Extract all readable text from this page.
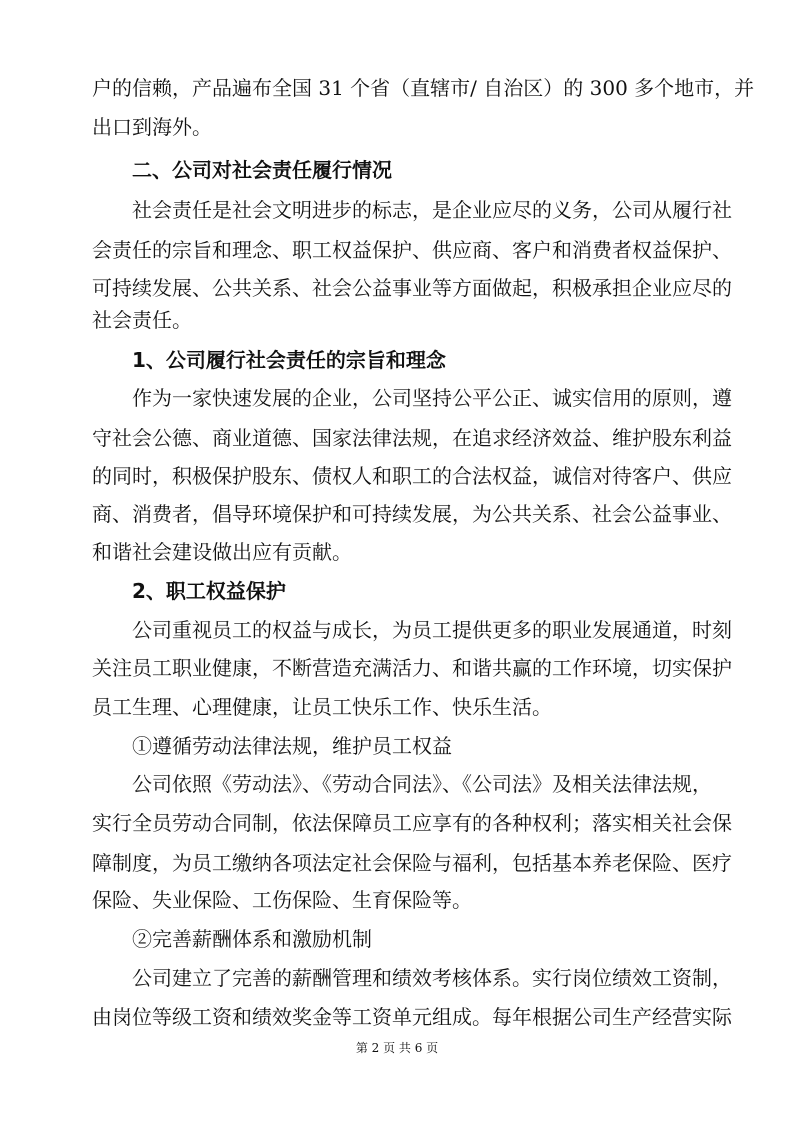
户的信赖，产品遍布全国 31 个省（直辖市/ 自治区）的 300 多个地市，并
出口到海外。
二、公司对社会责任履行情况
社会责任是社会文明进步的标志，是企业应尽的义务，公司从履行社
会责任的宗旨和理念、职工权益保护、供应商、客户和消费者权益保护、
可持续发展、公共关系、社会公益事业等方面做起，积极承担企业应尽的
社会责任。
1、公司履行社会责任的宗旨和理念
作为一家快速发展的企业，公司坚持公平公正、诚实信用的原则，遵
守社会公德、商业道德、国家法律法规，在追求经济效益、维护股东利益
的同时，积极保护股东、债权人和职工的合法权益，诚信对待客户、供应
商、消费者，倡导环境保护和可持续发展，为公共关系、社会公益事业、
和谐社会建设做出应有贡献。
2、职工权益保护
公司重视员工的权益与成长，为员工提供更多的职业发展通道，时刻
关注员工职业健康，不断营造充满活力、和谐共赢的工作环境，切实保护
员工生理、心理健康，让员工快乐工作、快乐生活。
①遵循劳动法律法规，维护员工权益
公司依照《劳动法》、《劳动合同法》、《公司法》及相关法律法规，
实行全员劳动合同制，依法保障员工应享有的各种权利；落实相关社会保
障制度，为员工缴纳各项法定社会保险与福利，包括基本养老保险、医疗
保险、失业保险、工伤保险、生育保险等。
②完善薪酬体系和激励机制
公司建立了完善的薪酬管理和绩效考核体系。实行岗位绩效工资制，
由岗位等级工资和绩效奖金等工资单元组成。每年根据公司生产经营实际
第 2 页 共 6 页
